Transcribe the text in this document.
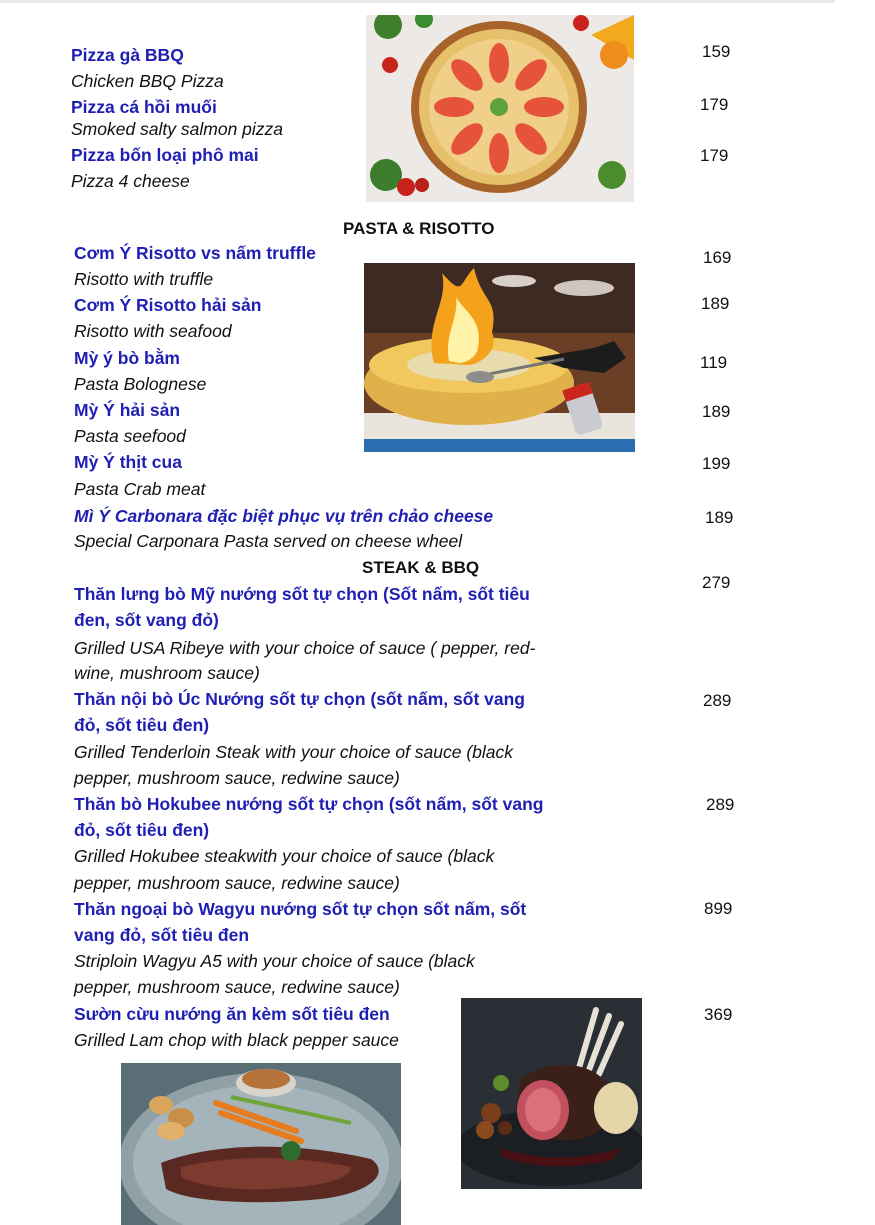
Pizza gà BBQ
Chicken BBQ Pizza
159
Pizza cá hồi muối
Smoked salty salmon pizza
179
Pizza bốn loại phô mai
Pizza 4 cheese
179
PASTA & RISOTTO
Cơm Ý Risotto vs nấm truffle
Risotto with truffle
169
Cơm Ý Risotto hải sản
Risotto with seafood
189
Mỳ ý bò bằm
Pasta Bolognese
119
Mỳ Ý hải sản
Pasta seefood
189
Mỳ Ý thịt cua
Pasta Crab meat
199
Mì Ý Carbonara đặc biệt phục vụ trên chảo cheese
Special Carponara Pasta served on cheese wheel
189
STEAK & BBQ
Thăn lưng bò Mỹ nướng sốt tự chọn (Sốt nấm, sốt tiêu
đen, sốt vang đỏ)
Grilled USA Ribeye with your choice of sauce ( pepper, red-
wine, mushroom sauce)
279
Thăn nội bò Úc Nướng sốt tự chọn (sốt nấm, sốt vang
đỏ, sốt tiêu đen)
Grilled Tenderloin Steak with your choice of sauce (black
pepper, mushroom sauce, redwine sauce)
289
Thăn bò Hokubee nướng sốt tự chọn (sốt nấm, sốt vang
đỏ, sốt tiêu đen)
Grilled Hokubee steakwith your choice of sauce (black
pepper, mushroom sauce, redwine sauce)
289
Thăn ngoại bò Wagyu nướng sốt tự chọn sốt nấm, sốt
vang đỏ, sốt tiêu đen
Striploin Wagyu A5 with your choice of sauce (black
pepper, mushroom sauce, redwine sauce)
899
Sườn cừu nướng ăn kèm sốt tiêu đen
Grilled Lam chop with black pepper sauce
369
